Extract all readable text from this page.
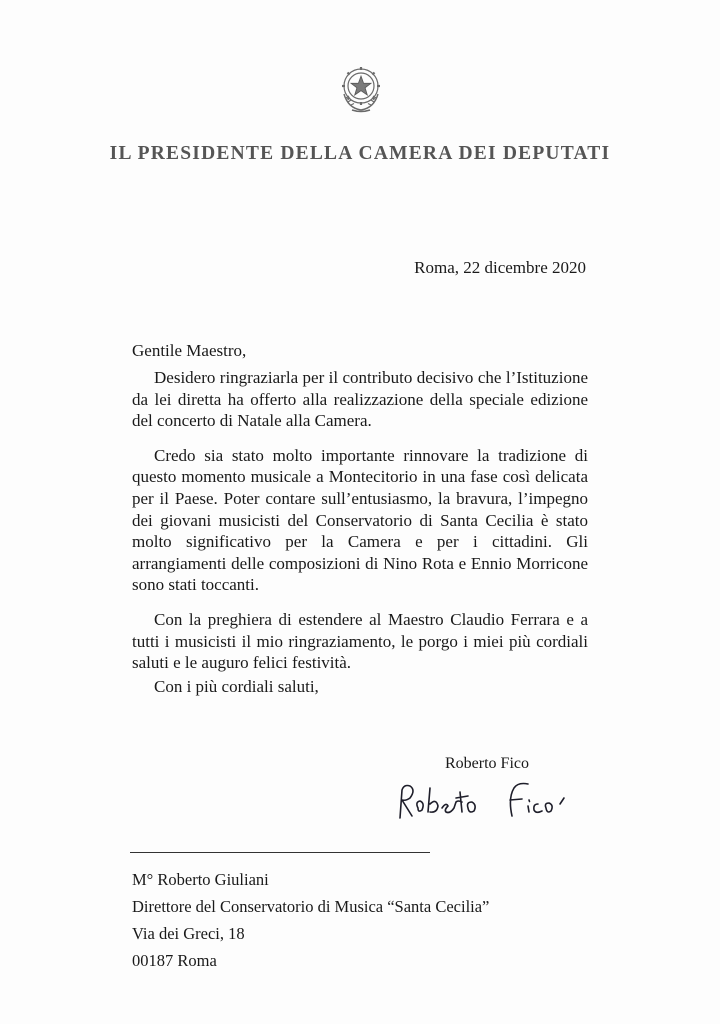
IL PRESIDENTE DELLA CAMERA DEI DEPUTATI
Roma, 22 dicembre 2020
Gentile Maestro,

Desidero ringraziarla per il contributo decisivo che l’Istituzione da lei diretta ha offerto alla realizzazione della speciale edizione del concerto di Natale alla Camera.

Credo sia stato molto importante rinnovare la tradizione di questo momento musicale a Montecitorio in una fase così delicata per il Paese. Poter contare sull’entusiasmo, la bravura, l’impegno dei giovani musicisti del Conservatorio di Santa Cecilia è stato molto significativo per la Camera e per i cittadini. Gli arrangiamenti delle composizioni di Nino Rota e Ennio Morricone sono stati toccanti.

Con la preghiera di estendere al Maestro Claudio Ferrara e a tutti i musicisti il mio ringraziamento, le porgo i miei più cordiali saluti e le auguro felici festività.

Con i più cordiali saluti,
Roberto Fico
M° Roberto Giuliani
Direttore del Conservatorio di Musica “Santa Cecilia”
Via dei Greci, 18
00187 Roma
